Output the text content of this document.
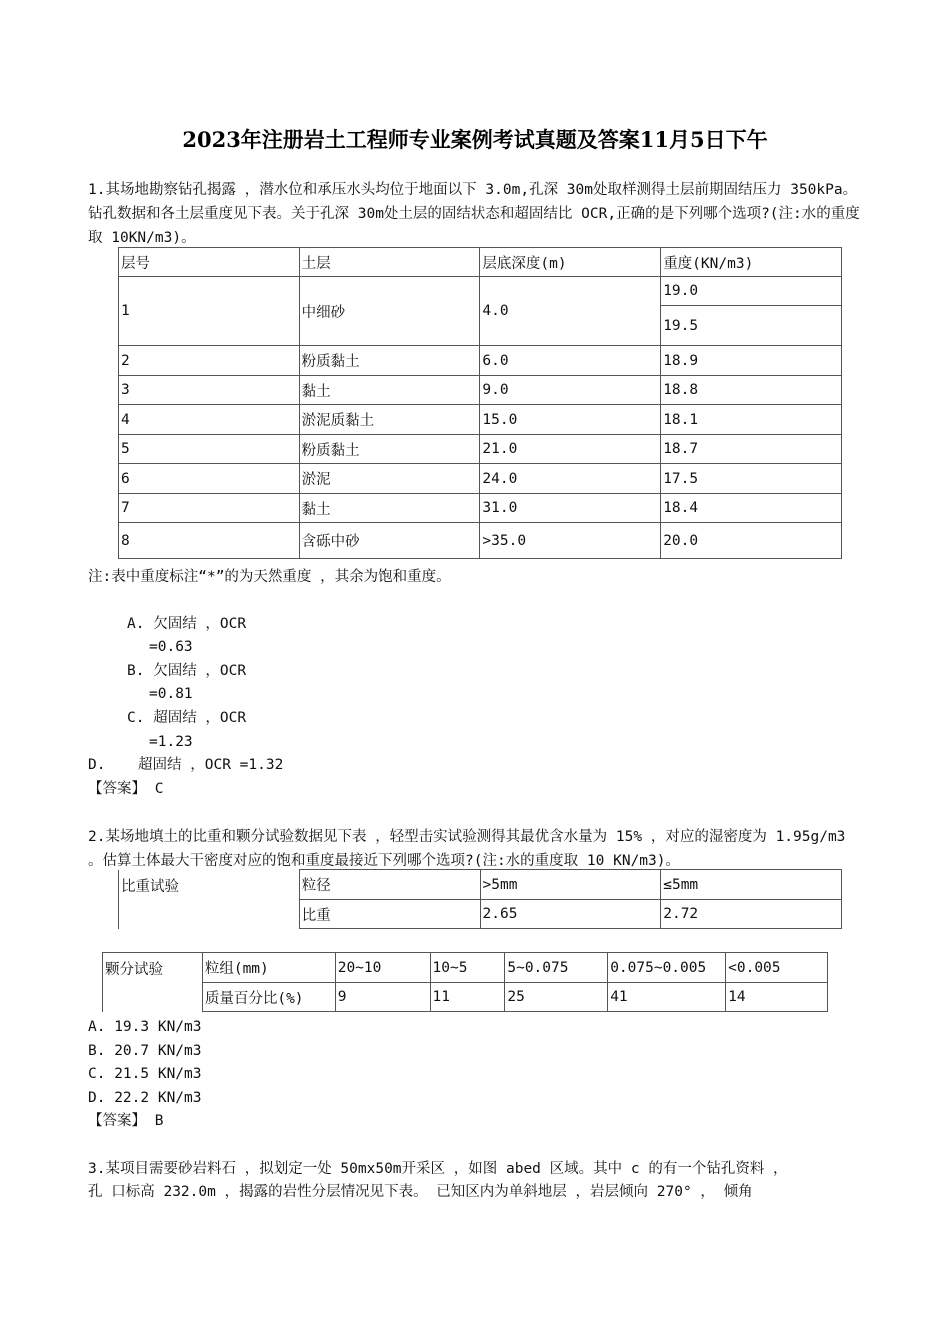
2023年注册岩土工程师专业案例考试真题及答案11月5日下午
1.其场地勘察钻孔揭露 ，潜水位和承压水头均位于地面以下 3.0m,孔深 30m处取样测得土层前期固结压力 350kPa。钻孔数据和各土层重度见下表。关于孔深 30m处土层的固结状态和超固结比 OCR,正确的是下列哪个选项?(注:水的重度取 10KN/m3)。
层号	土层	层底深度(m)	重度(KN/m3)
1	中细砂	4.0	19.0
			19.5
2	粉质黏土	6.0	18.9
3	黏土	9.0	18.8
4	淤泥质黏土	15.0	18.1
5	粉质黏土	21.0	18.7
6	淤泥	24.0	17.5
7	黏土	31.0	18.4
8	含砾中砂	>35.0	20.0
注:表中重度标注“*”的为天然重度 ，其余为饱和重度。
A. 欠固结 ，OCR
=0.63
B. 欠固结 ，OCR
=0.81
C. 超固结 ，OCR
=1.23
D. 超固结 ，OCR =1.32
【答案】 C
2.某场地填土的比重和颗分试验数据见下表 ，轻型击实试验测得其最优含水量为 15% ，对应的湿密度为 1.95g/m3 。估算土体最大干密度对应的饱和重度最接近下列哪个选项?(注:水的重度取 10 KN/m3)。
比重试验	粒径	>5mm	≤5mm
	比重	2.65	2.72
颗分试验	粒组(mm)	20~10	10~5	5~0.075	0.075~0.005	<0.005
	质量百分比(%)	9	11	25	41	14
A. 19.3 KN/m3
B. 20.7 KN/m3
C. 21.5 KN/m3
D. 22.2 KN/m3
【答案】 B
3.某项目需要砂岩料石 ，拟划定一处 50mx50m开采区 ，如图 abed 区域。其中 c 的有一个钻孔资料 ，
孔 口标高 232.0m ，揭露的岩性分层情况见下表。 已知区内为单斜地层 ，岩层倾向 270° ， 倾角
